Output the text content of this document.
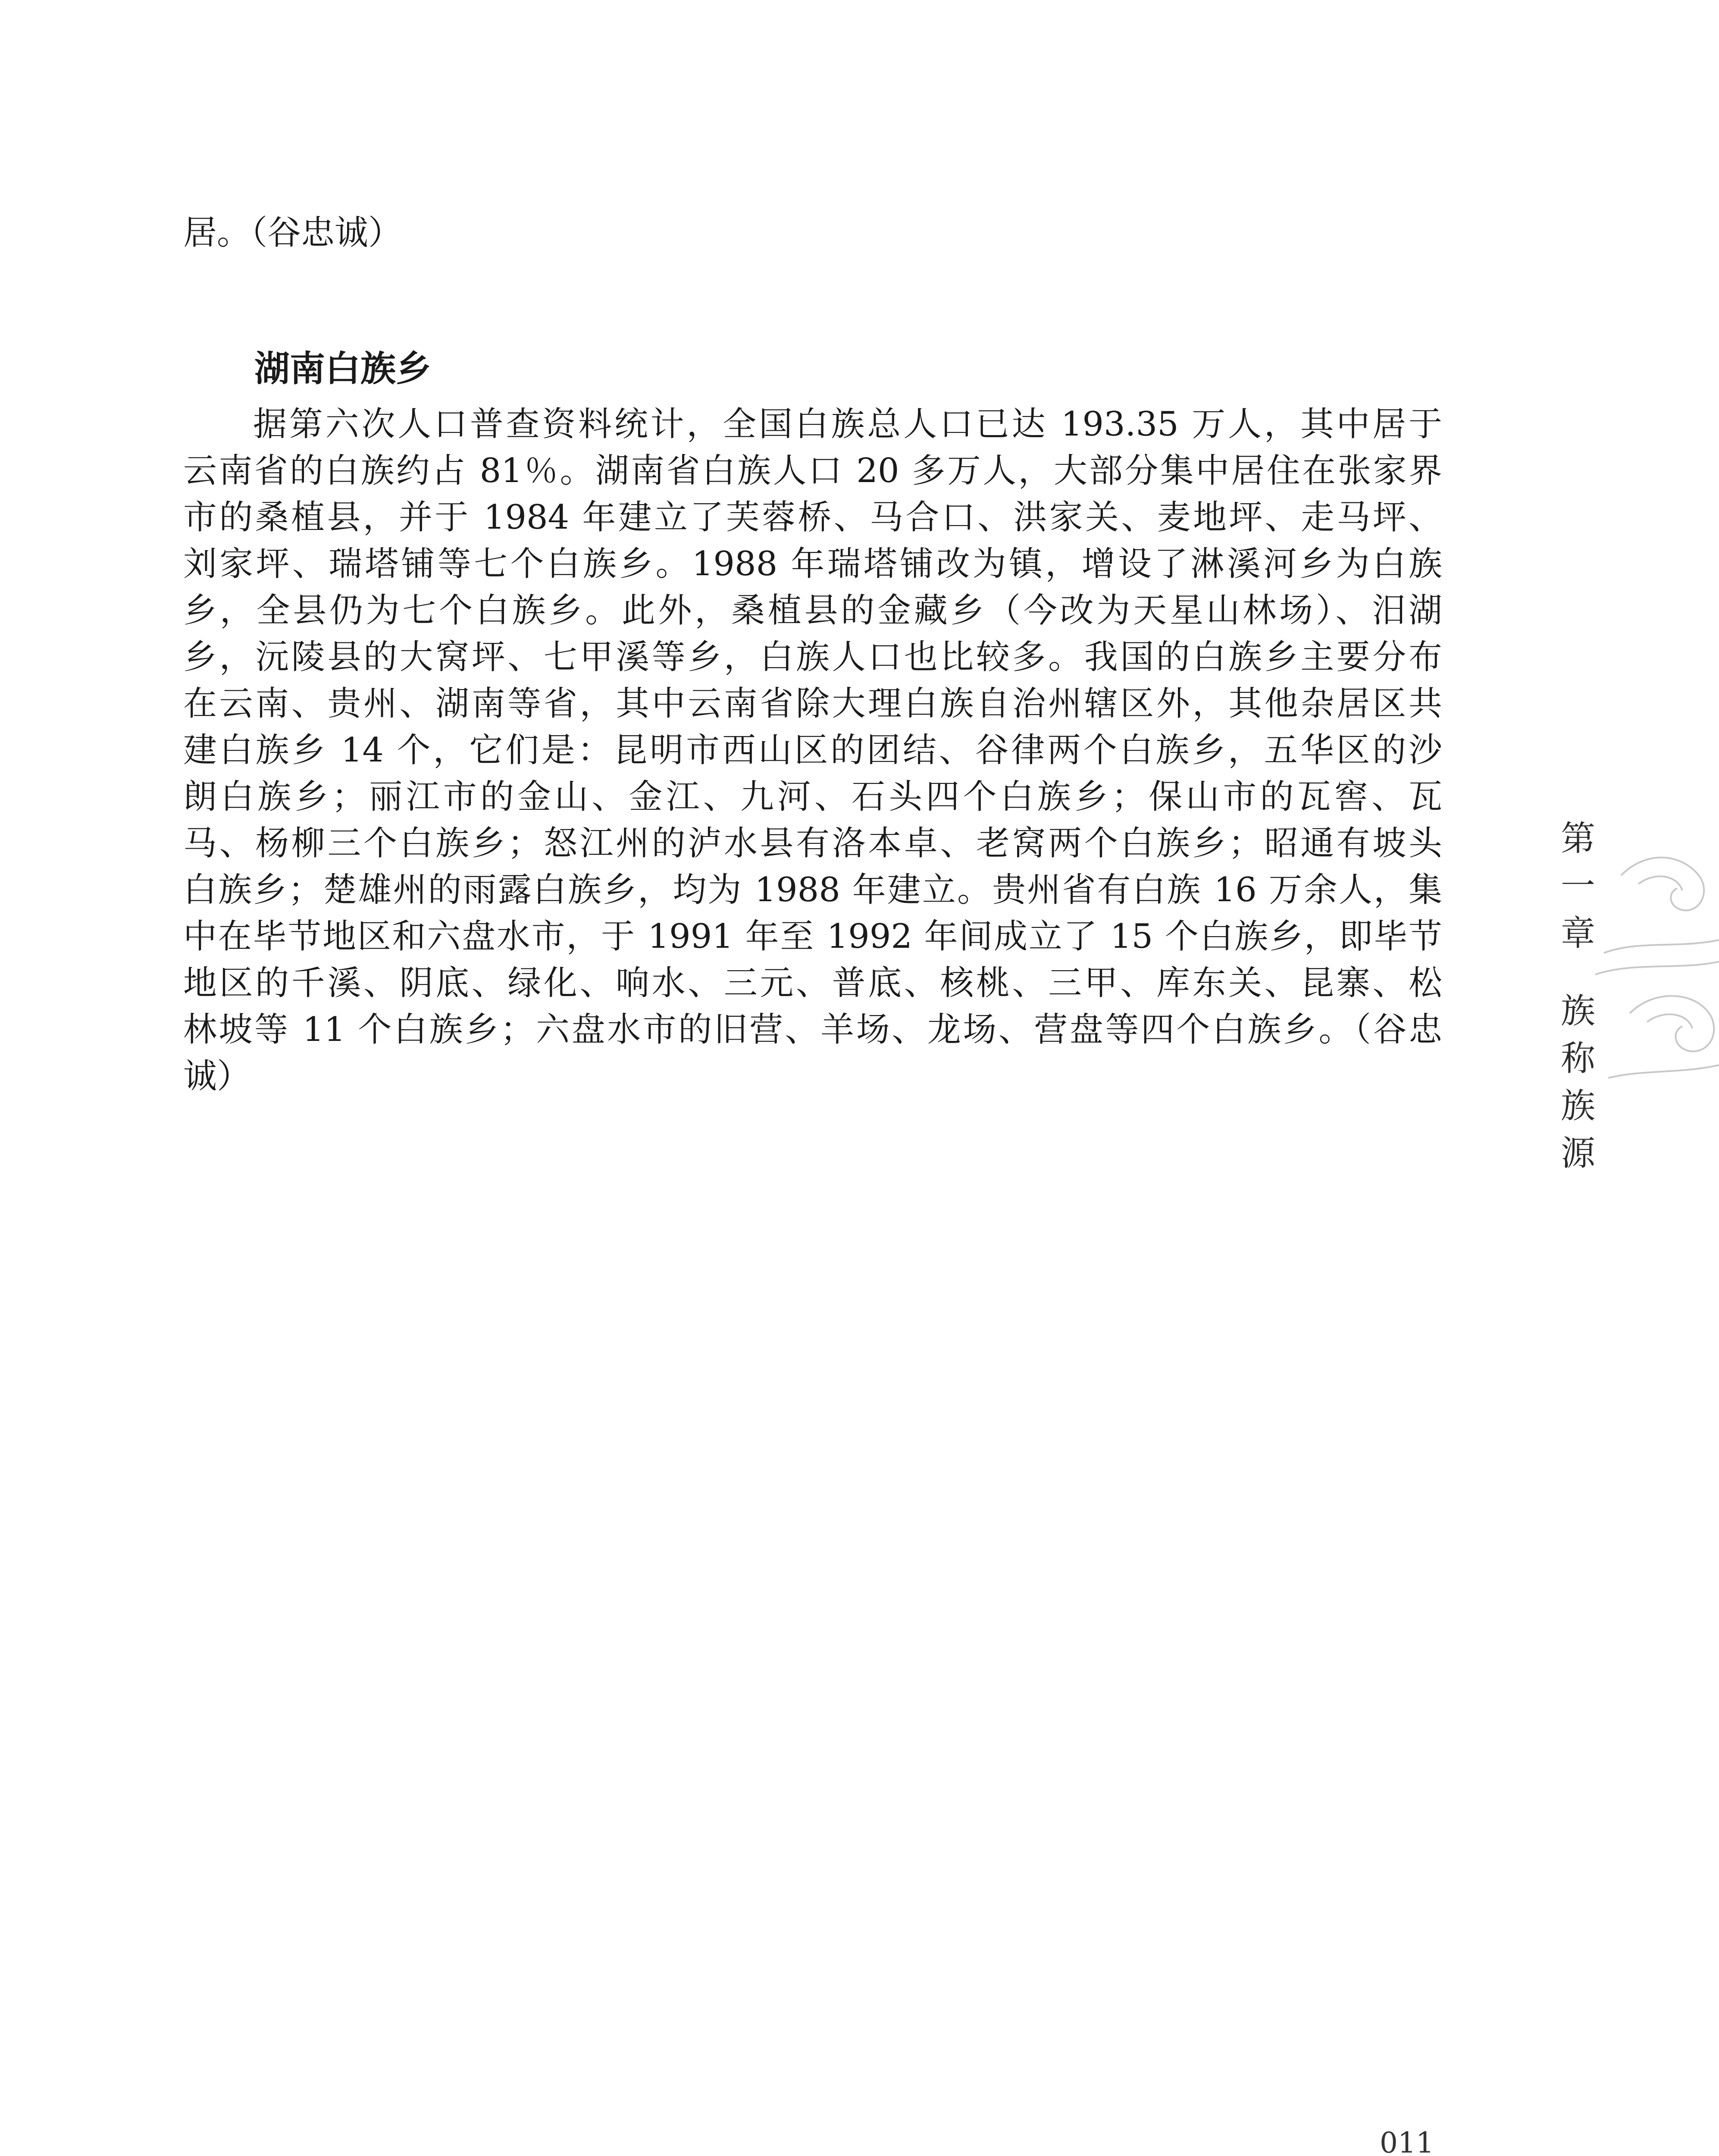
居。（谷忠诚）

湖南白族乡
据第六次人口普查资料统计，全国白族总人口已达 193.35 万人，其中居于
云南省的白族约占 81％。湖南省白族人口 20 多万人，大部分集中居住在张家界
市的桑植县，并于 1984 年建立了芙蓉桥、马合口、洪家关、麦地坪、走马坪、
刘家坪、瑞塔铺等七个白族乡。1988 年瑞塔铺改为镇，增设了淋溪河乡为白族
乡，全县仍为七个白族乡。此外，桑植县的金藏乡（今改为天星山林场）、汨湖
乡，沅陵县的大窝坪、七甲溪等乡，白族人口也比较多。我国的白族乡主要分布
在云南、贵州、湖南等省，其中云南省除大理白族自治州辖区外，其他杂居区共
建白族乡 14 个，它们是：昆明市西山区的团结、谷律两个白族乡，五华区的沙
朗白族乡；丽江市的金山、金江、九河、石头四个白族乡；保山市的瓦窖、瓦
马、杨柳三个白族乡；怒江州的泸水县有洛本卓、老窝两个白族乡；昭通有坡头
白族乡；楚雄州的雨露白族乡，均为 1988 年建立。贵州省有白族 16 万余人，集
中在毕节地区和六盘水市，于 1991 年至 1992 年间成立了 15 个白族乡，即毕节
地区的千溪、阴底、绿化、响水、三元、普底、核桃、三甲、库东关、昆寨、松
林坡等 11 个白族乡；六盘水市的旧营、羊场、龙场、营盘等四个白族乡。（谷忠
诚）
第
一
章
族
称
族
源

011
